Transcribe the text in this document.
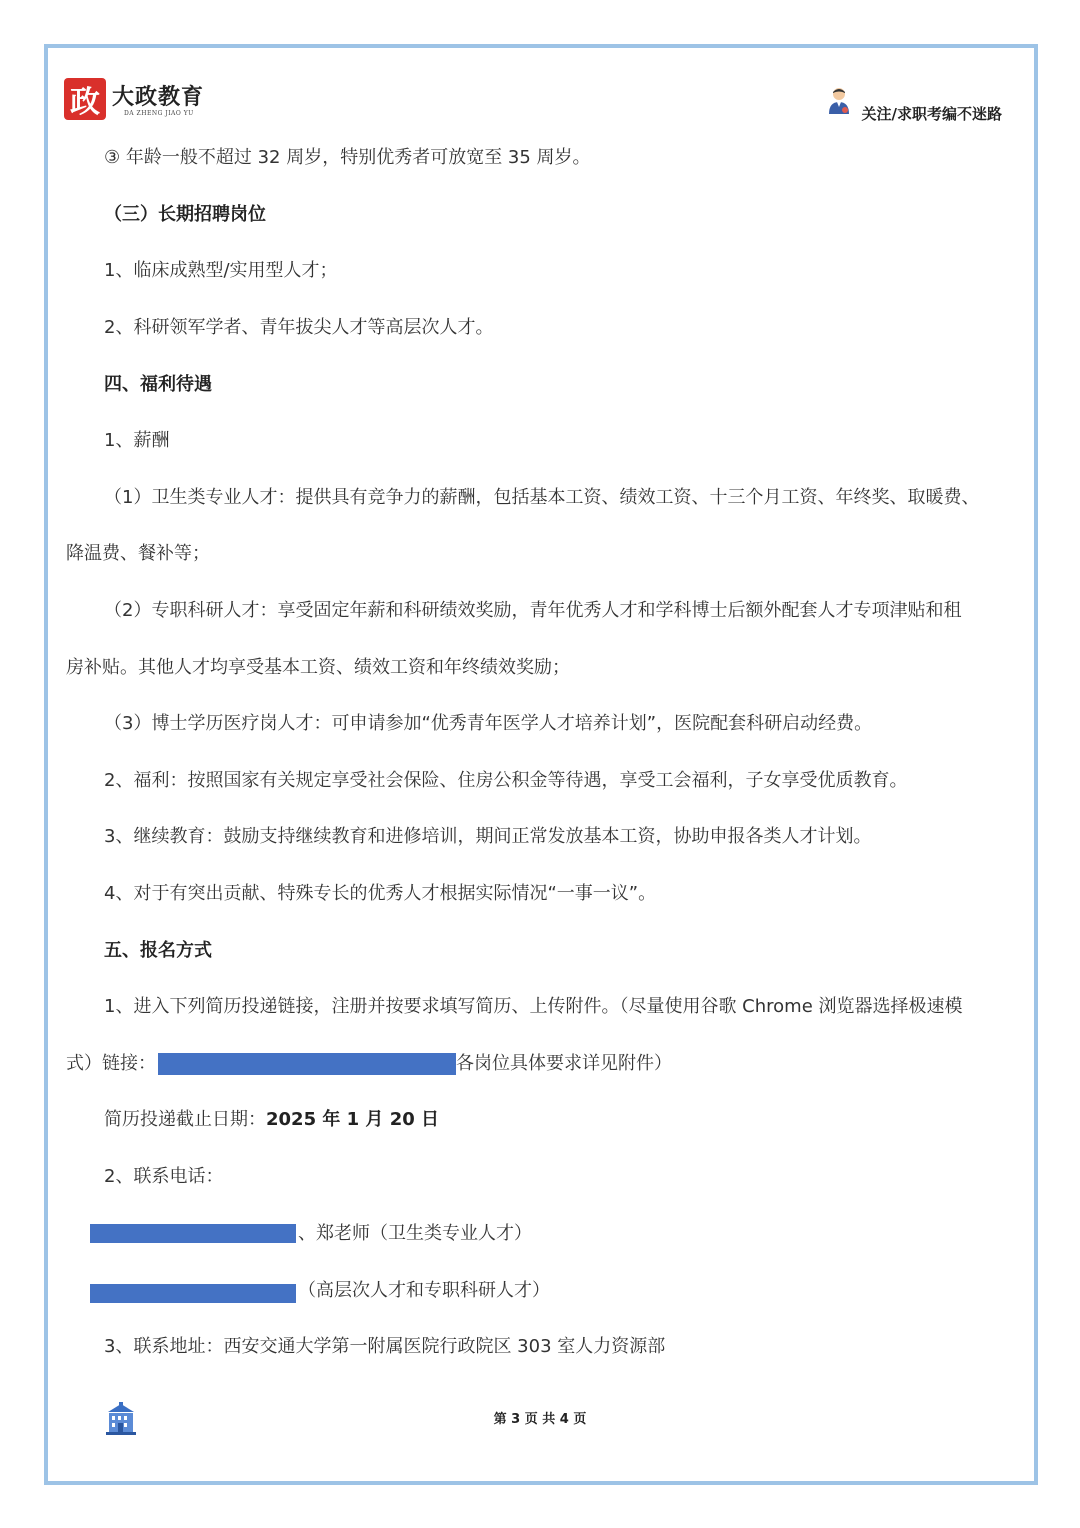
政 大政教育
DA ZHENG JIAO YU	关注/求职考编不迷路
③ 年龄一般不超过 32 周岁，特别优秀者可放宽至 35 周岁。
（三）长期招聘岗位
1、临床成熟型/实用型人才；
2、科研领军学者、青年拔尖人才等高层次人才。
四、福利待遇
1、薪酬
（1）卫生类专业人才：提供具有竞争力的薪酬，包括基本工资、绩效工资、十三个月工资、年终奖、取暖费、
降温费、餐补等；
（2）专职科研人才：享受固定年薪和科研绩效奖励，青年优秀人才和学科博士后额外配套人才专项津贴和租
房补贴。其他人才均享受基本工资、绩效工资和年终绩效奖励；
（3）博士学历医疗岗人才：可申请参加“优秀青年医学人才培养计划”，医院配套科研启动经费。
2、福利：按照国家有关规定享受社会保险、住房公积金等待遇，享受工会福利，子女享受优质教育。
3、继续教育：鼓励支持继续教育和进修培训，期间正常发放基本工资，协助申报各类人才计划。
4、对于有突出贡献、特殊专长的优秀人才根据实际情况“一事一议”。
五、报名方式
1、进入下列简历投递链接，注册并按要求填写简历、上传附件。（尽量使用谷歌 Chrome 浏览器选择极速模
式）链接：	各岗位具体要求详见附件）
简历投递截止日期：2025 年 1 月 20 日
2、联系电话：
、郑老师（卫生类专业人才）
（高层次人才和专职科研人才）
3、联系地址：西安交通大学第一附属医院行政院区 303 室人力资源部
第 3 页 共 4 页
